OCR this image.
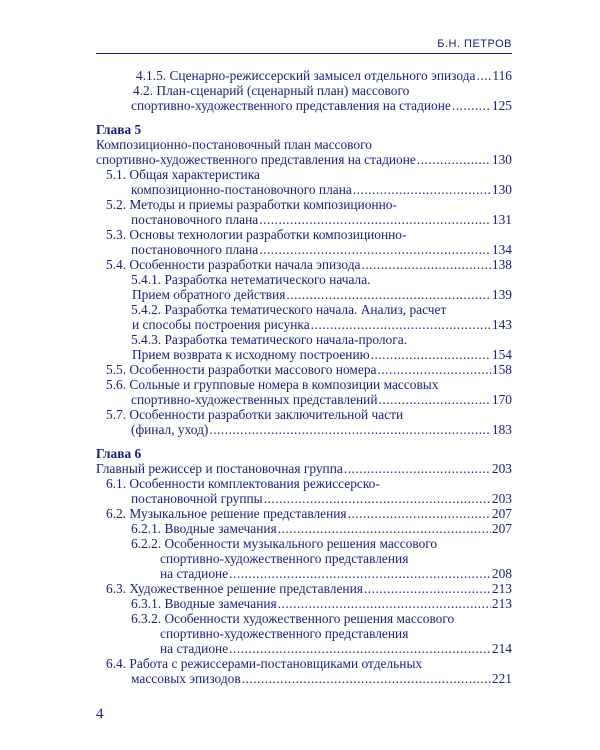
Б.Н. ПЕТРОВ
4.1.5. Сценарно-режиссерский замысел отдельного эпизода ..... 116
4.2. План-сценарий (сценарный план) массового
спортивно-художественного представления на стадионе .....	125
Глава 5
Композиционно-постановочный план массового
спортивно-художественного представления на стадионе .....	130
5.1. Общая характеристика
композиционно-постановочного плана .....	130
5.2. Методы и приемы разработки композиционно-
постановочного плана .....	131
5.3. Основы технологии разработки композиционно-
постановочного плана .....	134
5.4. Особенности разработки начала эпизода .....	138
5.4.1. Разработка нетематического начала.
Прием обратного действия .....	139
5.4.2. Разработка тематического начала. Анализ, расчет
и способы построения рисунка .....	143
5.4.3. Разработка тематического начала-пролога.
Прием возврата к исходному построению .....	154
5.5. Особенности разработки массового номера .....	158
5.6. Сольные и групповые номера в композиции массовых
спортивно-художественных представлений .....	170
5.7. Особенности разработки заключительной части
(финал, уход) .....	183
Глава 6
Главный режиссер и постановочная группа .....	203
6.1. Особенности комплектования режиссерско-
постановочной группы .....	203
6.2. Музыкальное решение представления .....	207
6.2.1. Вводные замечания .....	207
6.2.2. Особенности музыкального решения массового
спортивно-художественного представления
на стадионе .....	208
6.3. Художественное решение представления .....	213
6.3.1. Вводные замечания .....	213
6.3.2. Особенности художественного решения массового
спортивно-художественного представления
на стадионе .....	214
6.4. Работа с режиссерами-постановщиками отдельных
массовых эпизодов .....	221
4
